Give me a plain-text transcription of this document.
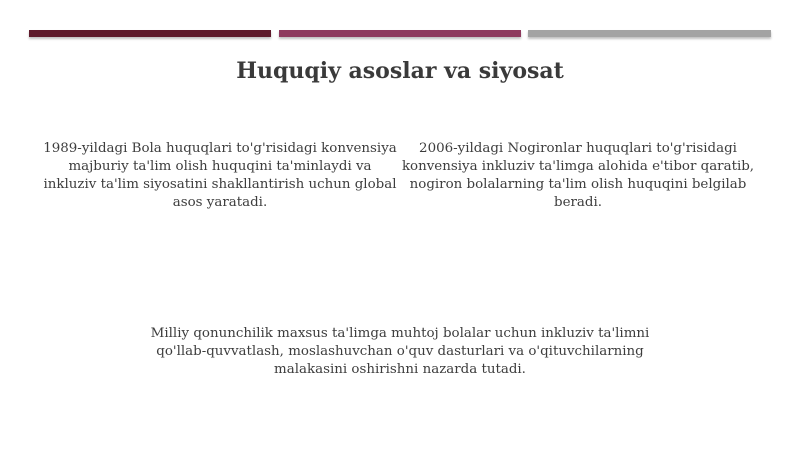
Huquqiy asoslar va siyosat
1989-yildagi Bola huquqlari to'g'risidagi konvensiya majburiy ta'lim olish huquqini ta'minlaydi va inkluziv ta'lim siyosatini shakllantirish uchun global asos yaratadi.
2006-yildagi Nogironlar huquqlari to'g'risidagi konvensiya inkluziv ta'limga alohida e'tibor qaratib, nogiron bolalarning ta'lim olish huquqini belgilab beradi.
Milliy qonunchilik maxsus ta'limga muhtoj bolalar uchun inkluziv ta'limni qo'llab-quvvatlash, moslashuvchan o'quv dasturlari va o'qituvchilarning malakasini oshirishni nazarda tutadi.
